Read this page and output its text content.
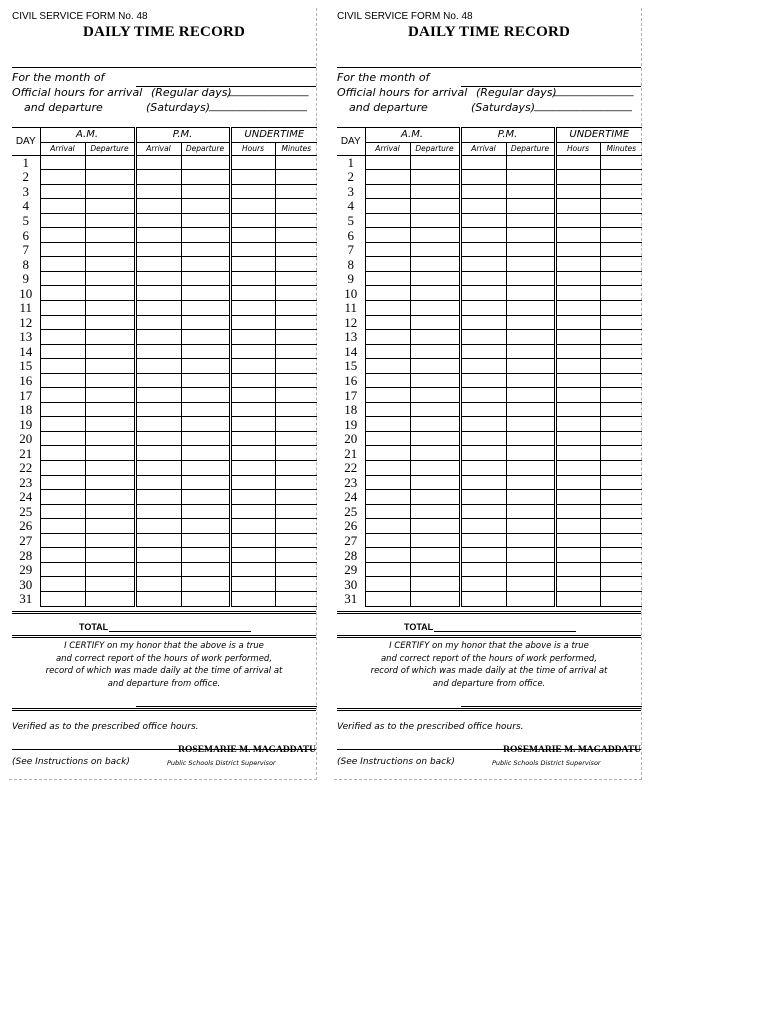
CIVIL SERVICE FORM No. 48
DAILY TIME RECORD
For the month of
Official hours for arrival (Regular days)
_____________
and departure	(Saturdays)
________________
DAY	A.M.		P.M.		UNDERTIME	
	Arrival	Departure	Arrival	Departure	Hours	Minutes
1						
2						
3						
4						
5						
6						
7						
8						
9						
10						
11						
12						
13						
14						
15						
16						
17						
18						
19						
20						
21						
22						
23						
24						
25						
26						
27						
28						
29						
30						
31						
TOTAL
I CERTIFY on my honor that the above is a true
and correct report of the hours of work performed,
record of which was made daily at the time of arrival at
and departure from office.
Verified as to the prescribed office hours.
ROSEMARIE M. MAGADDATU
(See Instructions on back)	Public Schools District Supervisor
CIVIL SERVICE FORM No. 48
DAILY TIME RECORD
For the month of
Official hours for arrival (Regular days)
_____________
and departure	(Saturdays)
________________
DAY	A.M.		P.M.		UNDERTIME	
	Arrival	Departure	Arrival	Departure	Hours	Minutes
1						
2						
3						
4						
5						
6						
7						
8						
9						
10						
11						
12						
13						
14						
15						
16						
17						
18						
19						
20						
21						
22						
23						
24						
25						
26						
27						
28						
29						
30						
31						
TOTAL
I CERTIFY on my honor that the above is a true
and correct report of the hours of work performed,
record of which was made daily at the time of arrival at
and departure from office.
Verified as to the prescribed office hours.
ROSEMARIE M. MAGADDATU
(See Instructions on back)	Public Schools District Supervisor
